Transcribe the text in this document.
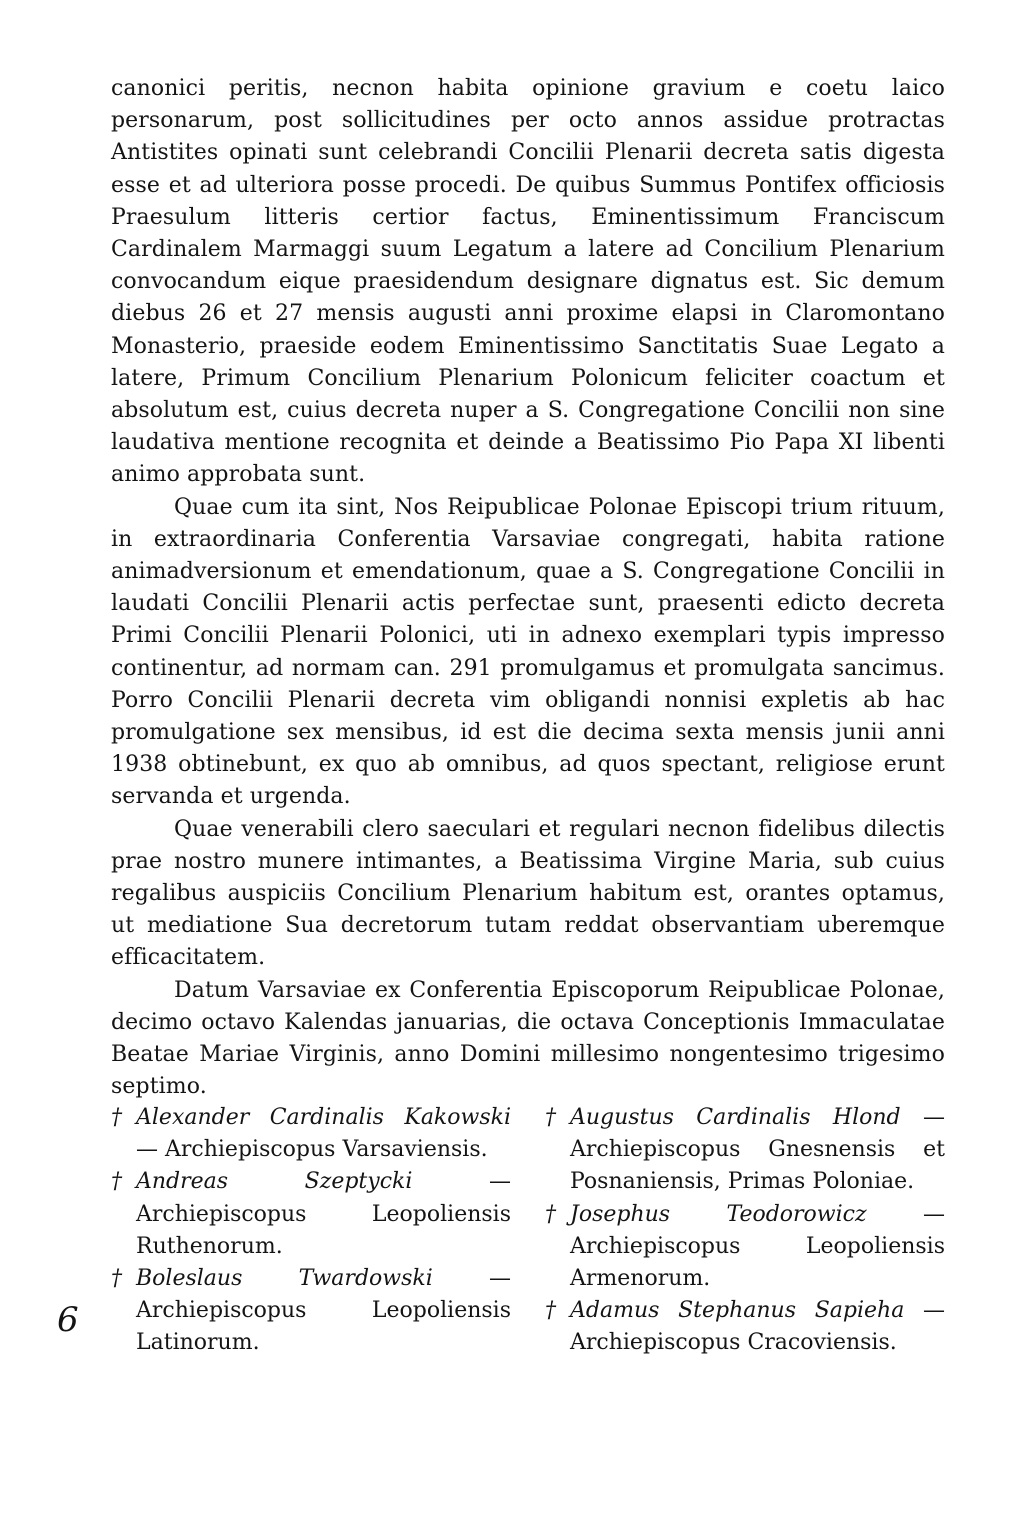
canonici peritis, necnon habita opinione gravium e coetu laico personarum, post sollicitudines per octo annos assidue protractas Antistites opinati sunt celebrandi Concilii Plenarii decreta satis digesta esse et ad ulteriora posse procedi. De quibus Summus Pontifex officiosis Praesulum litteris certior factus, Eminentissimum Franciscum Cardinalem Marmaggi suum Legatum a latere ad Concilium Plenarium convocandum eique praesidendum designare dignatus est. Sic demum diebus 26 et 27 mensis augusti anni proxime elapsi in Claromontano Monasterio, praeside eodem Eminentissimo Sanctitatis Suae Legato a latere, Primum Concilium Plenarium Polonicum feliciter coactum et absolutum est, cuius decreta nuper a S. Congregatione Concilii non sine laudativa mentione recognita et deinde a Beatissimo Pio Papa XI libenti animo approbata sunt.

Quae cum ita sint, Nos Reipublicae Polonae Episcopi trium rituum, in extraordinaria Conferentia Varsaviae congregati, habita ratione animadversionum et emendationum, quae a S. Congregatione Concilii in laudati Concilii Plenarii actis perfectae sunt, praesenti edicto decreta Primi Concilii Plenarii Polonici, uti in adnexo exemplari typis impresso continentur, ad normam can. 291 promulgamus et promulgata sancimus. Porro Concilii Plenarii decreta vim obligandi nonnisi expletis ab hac promulgatione sex mensibus, id est die decima sexta mensis junii anni 1938 obtinebunt, ex quo ab omnibus, ad quos spectant, religiose erunt servanda et urgenda.

Quae venerabili clero saeculari et regulari necnon fidelibus dilectis prae nostro munere intimantes, a Beatissima Virgine Maria, sub cuius regalibus auspiciis Concilium Plenarium habitum est, orantes optamus, ut mediatione Sua decretorum tutam reddat observantiam uberemque efficacitatem.

Datum Varsaviae ex Conferentia Episcoporum Reipublicae Polonae, decimo octavo Kalendas januarias, die octava Conceptionis Immaculatae Beatae Mariae Virginis, anno Domini millesimo nongentesimo trigesimo septimo.

† Alexander Cardinalis Kakowski — Archiepiscopus Varsaviensis.
† Andreas Szeptycki	— Archiepiscopus Leopoliensis Ruthenorum.
† Boleslaus Twardowski	— Archiepiscopus Leopoliensis Latinorum.
† Augustus Cardinalis Hlond — Archiepiscopus Gnesnensis et Posnaniensis, Primas Poloniae.
† Josephus Teodorowicz	— Archiepiscopus Leopoliensis Armenorum.
† Adamus Stephanus Sapieha — Archiepiscopus Cracoviensis.
6
